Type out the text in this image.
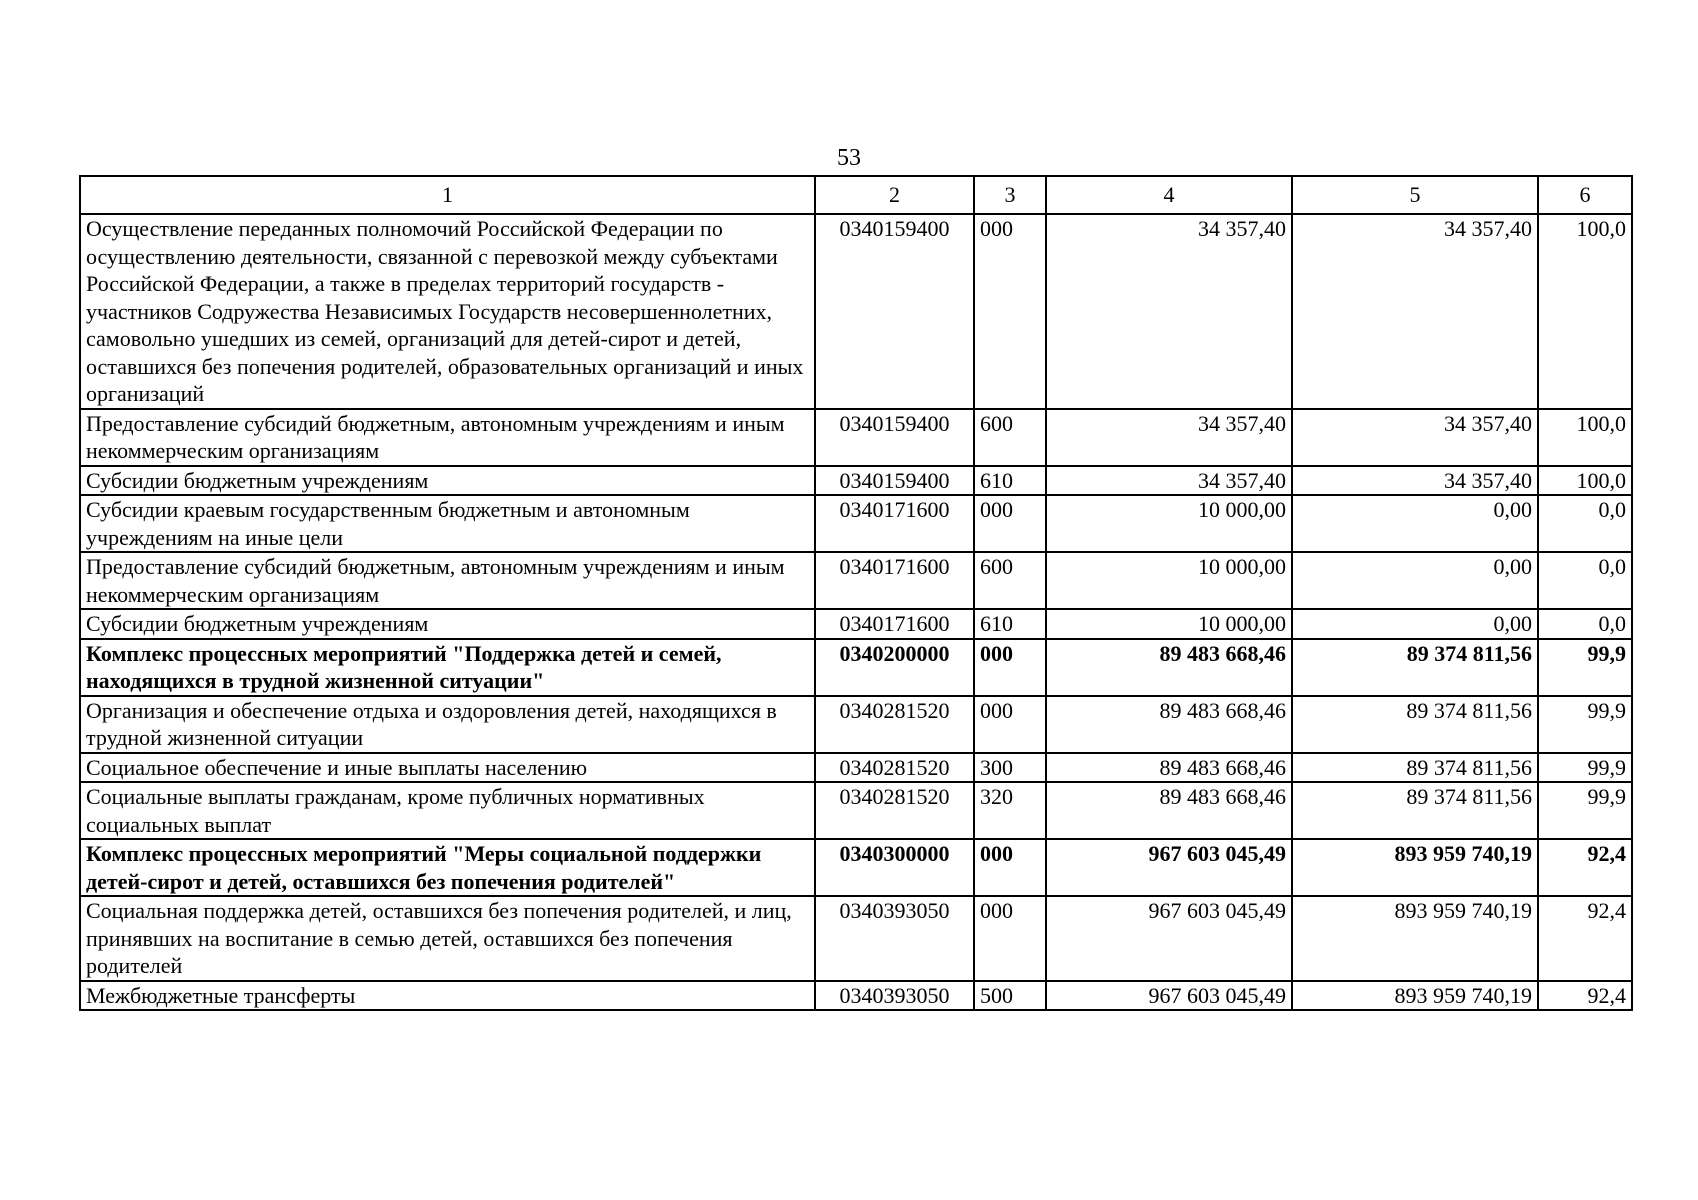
53
1	2	3	4	5	6
Осуществление переданных полномочий Российской Федерации по осуществлению деятельности, связанной с перевозкой между субъектами Российской Федерации, а также в пределах территорий государств - участников Содружества Независимых Государств несовершеннолетних, самовольно ушедших из семей, организаций для детей-сирот и детей, оставшихся без попечения родителей, образовательных организаций и иных организаций	0340159400	000	34 357,40	34 357,40	100,0
Предоставление субсидий бюджетным, автономным учреждениям и иным некоммерческим организациям	0340159400	600	34 357,40	34 357,40	100,0
Субсидии бюджетным учреждениям	0340159400	610	34 357,40	34 357,40	100,0
Субсидии краевым государственным бюджетным и автономным учреждениям на иные цели	0340171600	000	10 000,00	0,00	0,0
Предоставление субсидий бюджетным, автономным учреждениям и иным некоммерческим организациям	0340171600	600	10 000,00	0,00	0,0
Субсидии бюджетным учреждениям	0340171600	610	10 000,00	0,00	0,0
Комплекс процессных мероприятий "Поддержка детей и семей, находящихся в трудной жизненной ситуации"	0340200000	000	89 483 668,46	89 374 811,56	99,9
Организация и обеспечение отдыха и оздоровления детей, находящихся в трудной жизненной ситуации	0340281520	000	89 483 668,46	89 374 811,56	99,9
Социальное обеспечение и иные выплаты населению	0340281520	300	89 483 668,46	89 374 811,56	99,9
Социальные выплаты гражданам, кроме публичных нормативных социальных выплат	0340281520	320	89 483 668,46	89 374 811,56	99,9
Комплекс процессных мероприятий "Меры социальной поддержки детей-сирот и детей, оставшихся без попечения родителей"	0340300000	000	967 603 045,49	893 959 740,19	92,4
Социальная поддержка детей, оставшихся без попечения родителей, и лиц, принявших на воспитание в семью детей, оставшихся без попечения родителей	0340393050	000	967 603 045,49	893 959 740,19	92,4
Межбюджетные трансферты	0340393050	500	967 603 045,49	893 959 740,19	92,4
